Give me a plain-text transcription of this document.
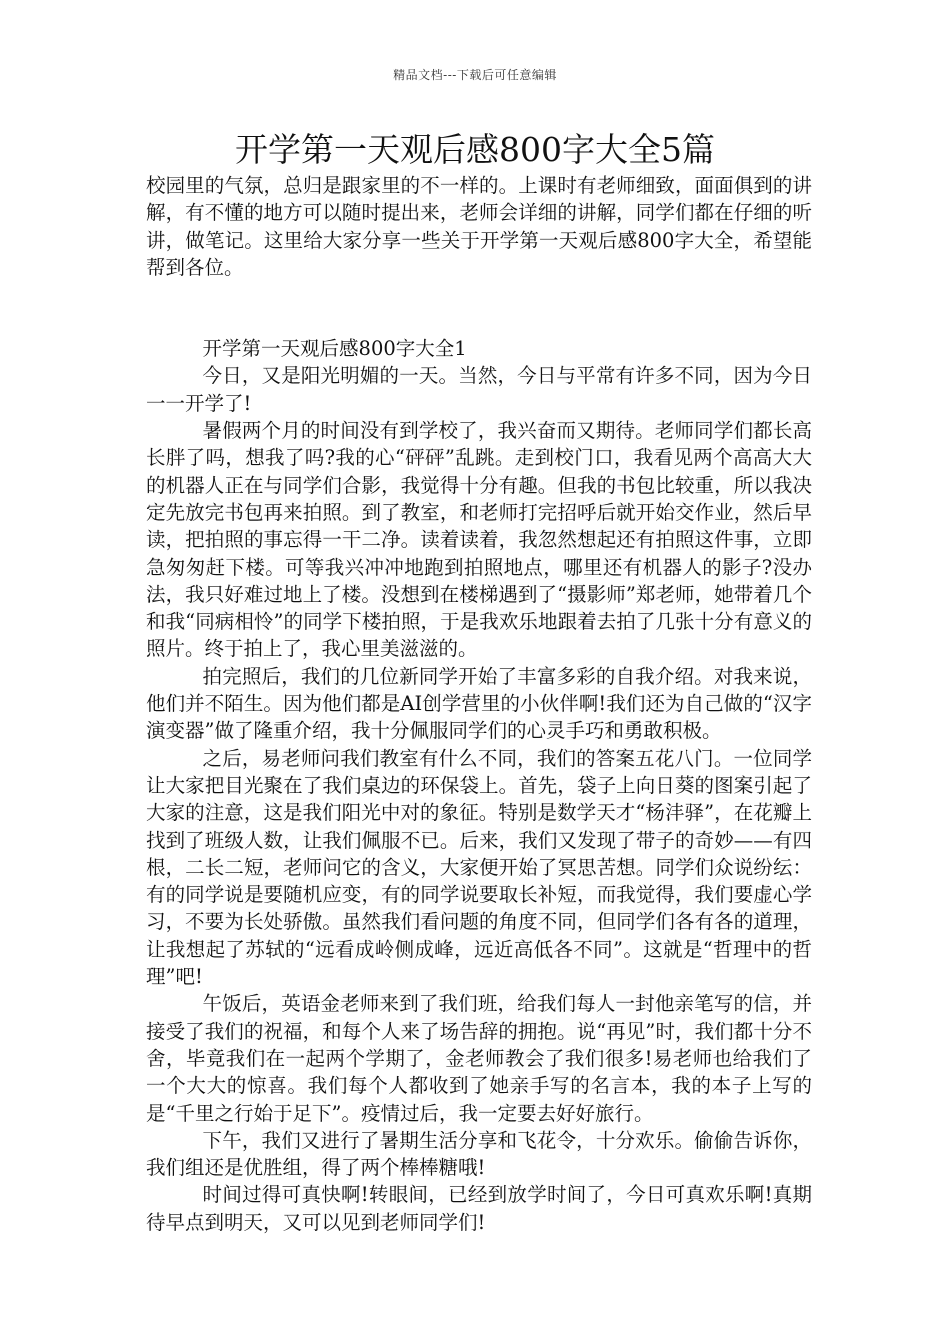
精品文档---下载后可任意编辑
开学第一天观后感800字大全5篇

校园里的气氛，总归是跟家里的不一样的。上课时有老师细致，面面俱到的讲解，有不懂的地方可以随时提出来，老师会详细的讲解，同学们都在仔细的听讲，做笔记。这里给大家分享一些关于开学第一天观后感800字大全，希望能帮到各位。

开学第一天观后感800字大全1

今日，又是阳光明媚的一天。当然，今日与平常有许多不同，因为今日一一开学了!

暑假两个月的时间没有到学校了，我兴奋而又期待。老师同学们都长高长胖了吗，想我了吗?我的心“砰砰”乱跳。走到校门口，我看见两个高高大大的机器人正在与同学们合影，我觉得十分有趣。但我的书包比较重，所以我决定先放完书包再来拍照。到了教室，和老师打完招呼后就开始交作业，然后早读，把拍照的事忘得一干二净。读着读着，我忽然想起还有拍照这件事，立即急匆匆赶下楼。可等我兴冲冲地跑到拍照地点，哪里还有机器人的影子?没办法，我只好难过地上了楼。没想到在楼梯遇到了“摄影师”郑老师，她带着几个和我“同病相怜”的同学下楼拍照，于是我欢乐地跟着去拍了几张十分有意义的照片。终于拍上了，我心里美滋滋的。

拍完照后，我们的几位新同学开始了丰富多彩的自我介绍。对我来说，他们并不陌生。因为他们都是AI创学营里的小伙伴啊!我们还为自己做的“汉字演变器”做了隆重介绍，我十分佩服同学们的心灵手巧和勇敢积极。

之后，易老师问我们教室有什么不同，我们的答案五花八门。一位同学让大家把目光聚在了我们桌边的环保袋上。首先，袋子上向日葵的图案引起了大家的注意，这是我们阳光中对的象征。特别是数学天才“杨沣驿”，在花瓣上找到了班级人数，让我们佩服不已。后来，我们又发现了带子的奇妙——有四根，二长二短，老师问它的含义，大家便开始了冥思苦想。同学们众说纷纭：有的同学说是要随机应变，有的同学说要取长补短，而我觉得，我们要虚心学习，不要为长处骄傲。虽然我们看问题的角度不同，但同学们各有各的道理，让我想起了苏轼的“远看成岭侧成峰，远近高低各不同”。这就是“哲理中的哲理”吧!

午饭后，英语金老师来到了我们班，给我们每人一封他亲笔写的信，并接受了我们的祝福，和每个人来了场告辞的拥抱。说“再见”时，我们都十分不舍，毕竟我们在一起两个学期了，金老师教会了我们很多!易老师也给我们了一个大大的惊喜。我们每个人都收到了她亲手写的名言本，我的本子上写的是“千里之行始于足下”。疫情过后，我一定要去好好旅行。

下午，我们又进行了暑期生活分享和飞花令，十分欢乐。偷偷告诉你，我们组还是优胜组，得了两个棒棒糖哦!

时间过得可真快啊!转眼间，已经到放学时间了，今日可真欢乐啊!真期待早点到明天，又可以见到老师同学们!
